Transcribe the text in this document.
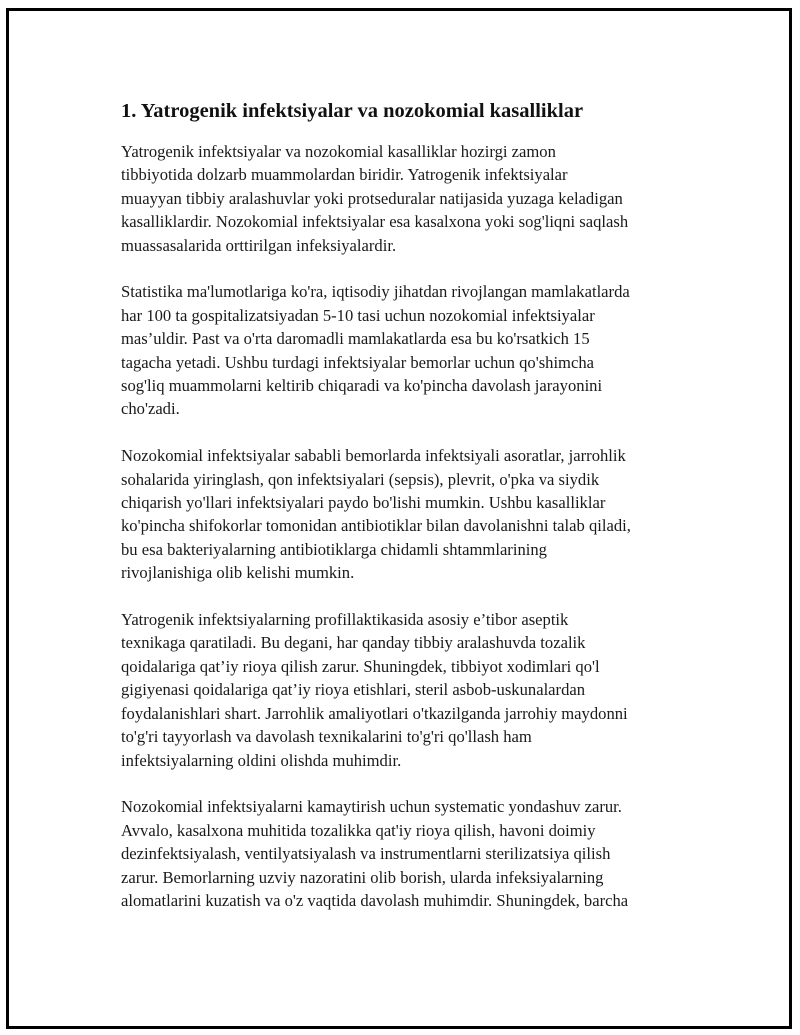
1. Yatrogenik infektsiyalar va nozokomial kasalliklar

Yatrogenik infektsiyalar va nozokomial kasalliklar hozirgi zamon
tibbiyotida dolzarb muammolardan biridir. Yatrogenik infektsiyalar
muayyan tibbiy aralashuvlar yoki protseduralar natijasida yuzaga keladigan
kasalliklardir. Nozokomial infektsiyalar esa kasalxona yoki sog'liqni saqlash
muassasalarida orttirilgan infeksiyalardir.

Statistika ma'lumotlariga ko'ra, iqtisodiy jihatdan rivojlangan mamlakatlarda
har 100 ta gospitalizatsiyadan 5-10 tasi uchun nozokomial infektsiyalar
mas’uldir. Past va o'rta daromadli mamlakatlarda esa bu ko'rsatkich 15
tagacha yetadi. Ushbu turdagi infektsiyalar bemorlar uchun qo'shimcha
sog'liq muammolarni keltirib chiqaradi va ko'pincha davolash jarayonini
cho'zadi.

Nozokomial infektsiyalar sababli bemorlarda infektsiyali asoratlar, jarrohlik
sohalarida yiringlash, qon infektsiyalari (sepsis), plevrit, o'pka va siydik
chiqarish yo'llari infektsiyalari paydo bo'lishi mumkin. Ushbu kasalliklar
ko'pincha shifokorlar tomonidan antibiotiklar bilan davolanishni talab qiladi,
bu esa bakteriyalarning antibiotiklarga chidamli shtammlarining
rivojlanishiga olib kelishi mumkin.

Yatrogenik infektsiyalarning profillaktikasida asosiy e’tibor aseptik
texnikaga qaratiladi. Bu degani, har qanday tibbiy aralashuvda tozalik
qoidalariga qat’iy rioya qilish zarur. Shuningdek, tibbiyot xodimlari qo'l
gigiyenasi qoidalariga qat’iy rioya etishlari, steril asbob-uskunalardan
foydalanishlari shart. Jarrohlik amaliyotlari o'tkazilganda jarrohiy maydonni
to'g'ri tayyorlash va davolash texnikalarini to'g'ri qo'llash ham
infektsiyalarning oldini olishda muhimdir.

Nozokomial infektsiyalarni kamaytirish uchun systematic yondashuv zarur.
Avvalo, kasalxona muhitida tozalikka qat'iy rioya qilish, havoni doimiy
dezinfektsiyalash, ventilyatsiyalash va instrumentlarni sterilizatsiya qilish
zarur. Bemorlarning uzviy nazoratini olib borish, ularda infeksiyalarning
alomatlarini kuzatish va o'z vaqtida davolash muhimdir. Shuningdek, barcha
